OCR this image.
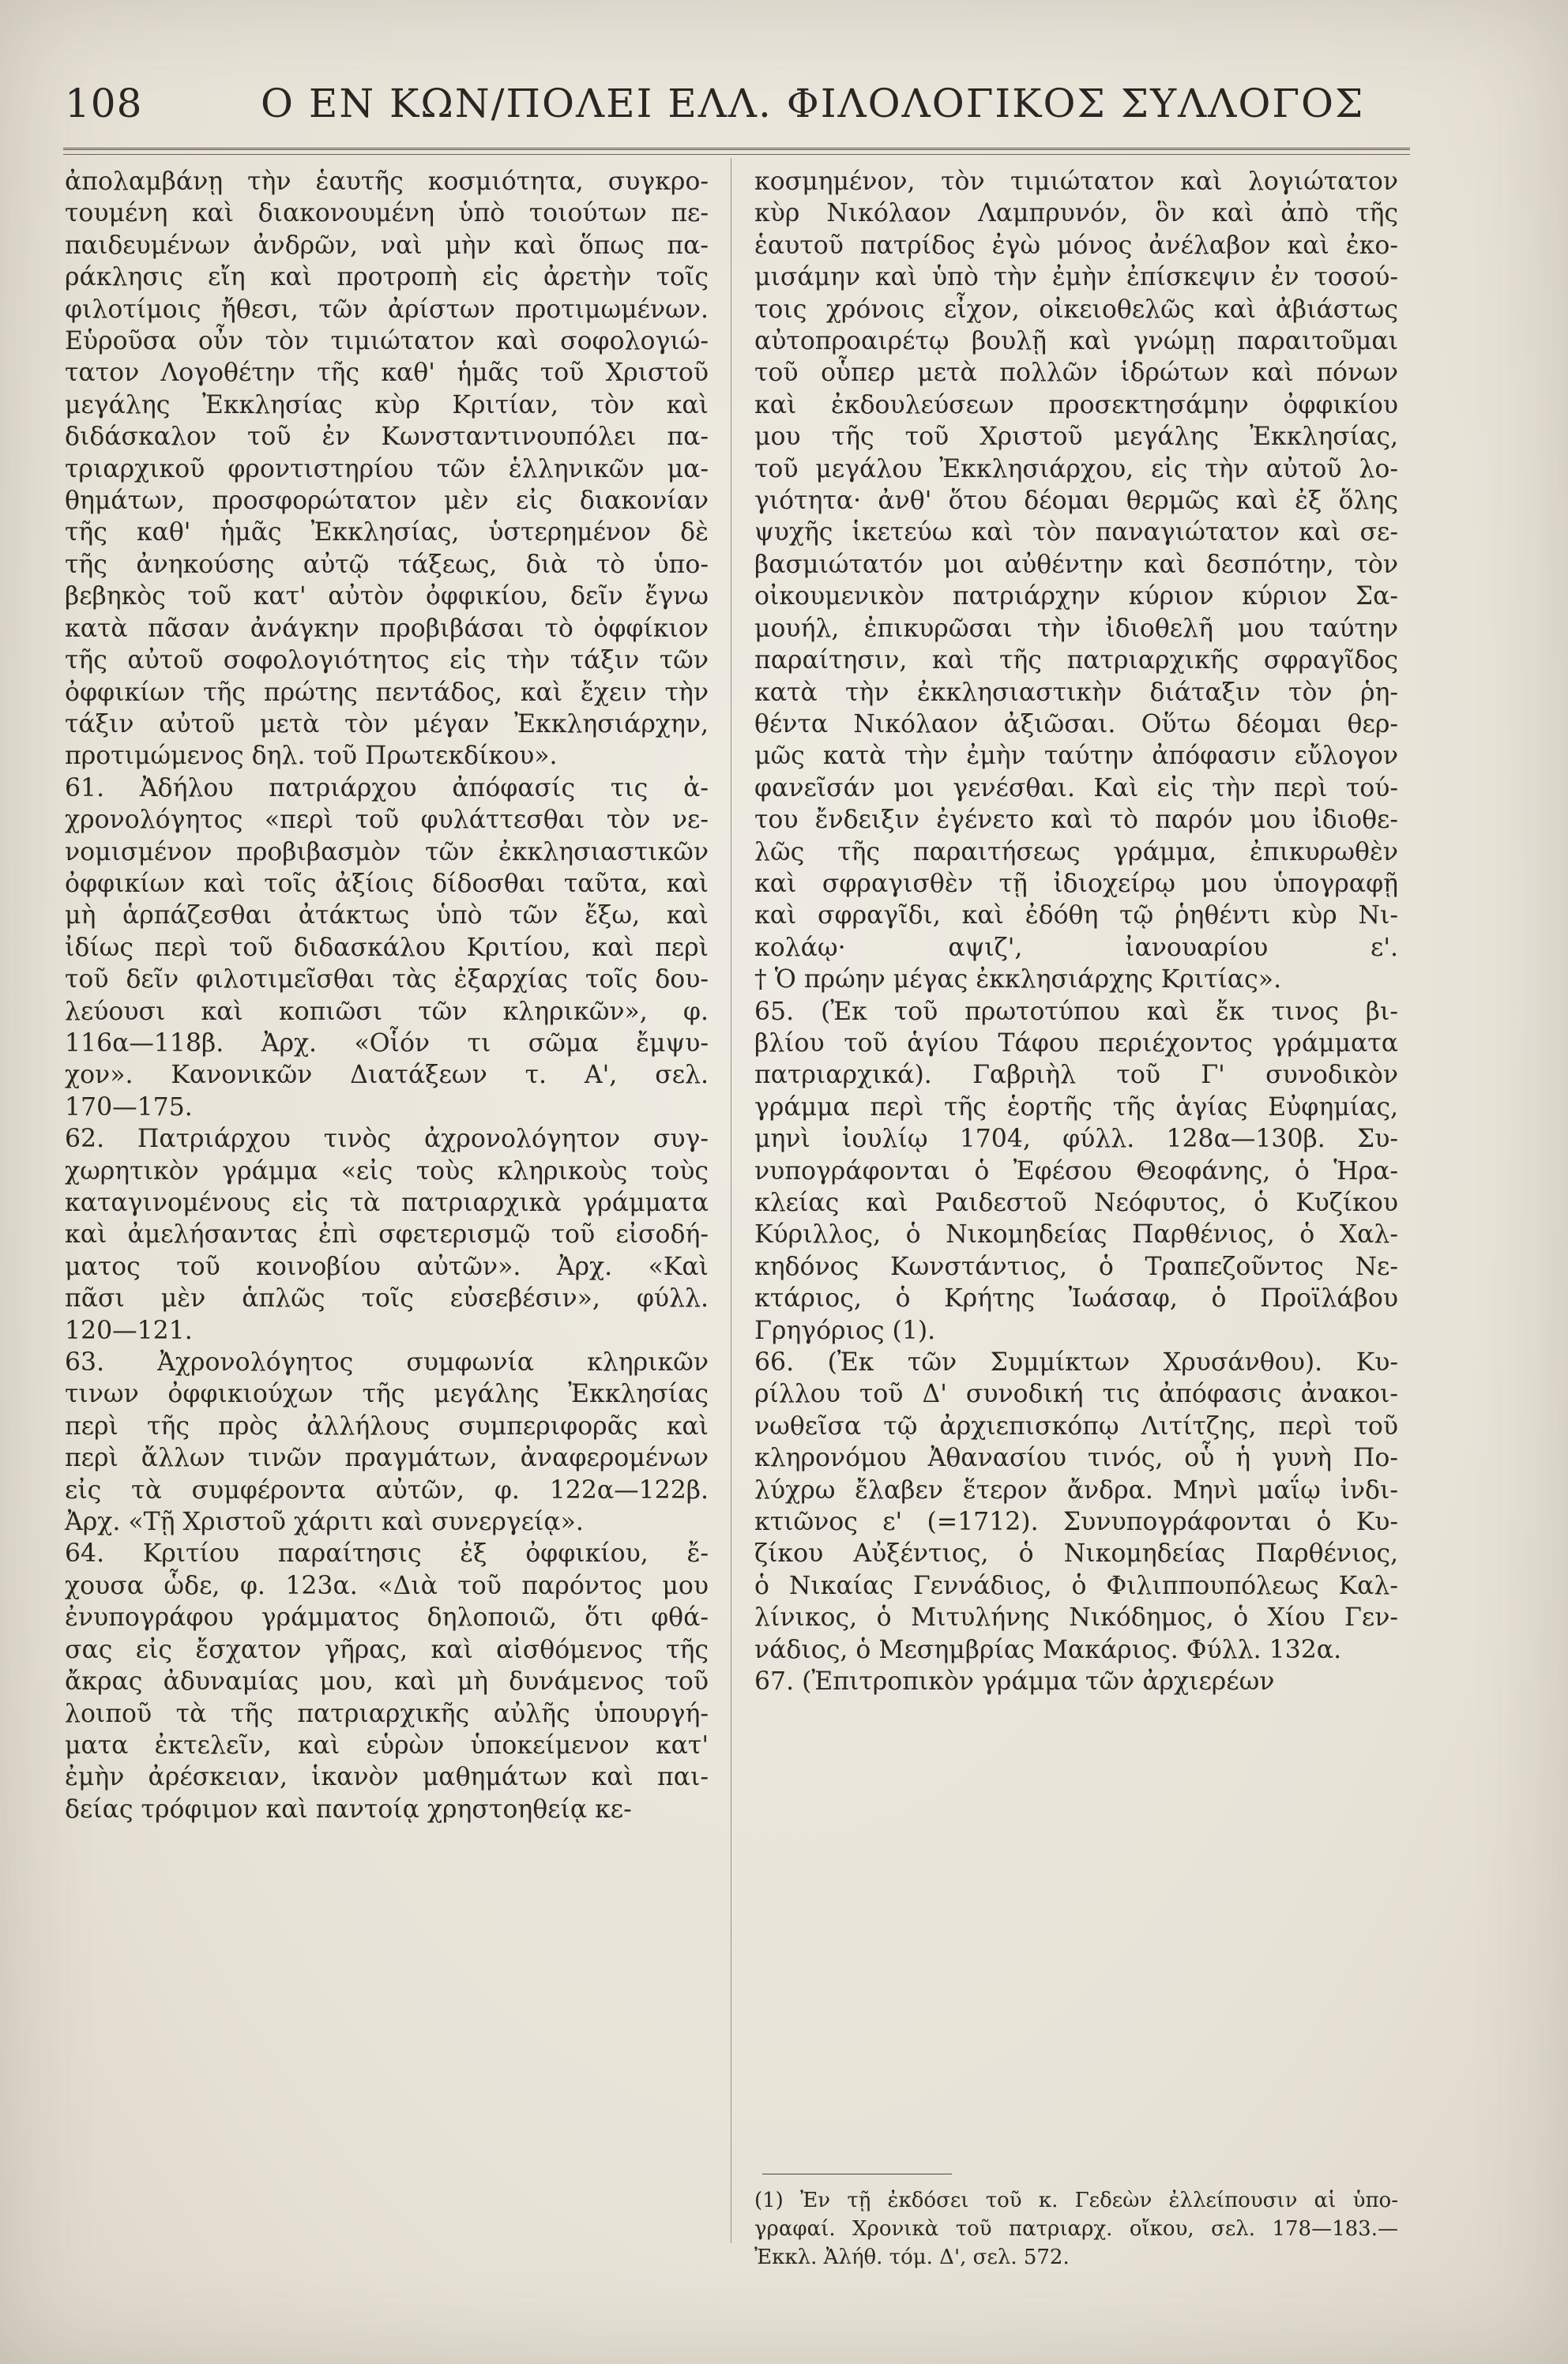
108	Ο ΕΝ ΚΩΝ/ΠΟΛΕΙ ΕΛΛ. ΦΙΛΟΛΟΓΙΚΟΣ ΣΥΛΛΟΓΟΣ
ἀπολαμβάνῃ τὴν ἑαυτῆς κοσμιότητα, συγκρο-
τουμένη καὶ διακονουμένη ὑπὸ τοιούτων πε-
παιδευμένων ἀνδρῶν, ναὶ μὴν καὶ ὅπως πα-
ράκλησις εἴη καὶ προτροπὴ εἰς ἀρετὴν τοῖς
φιλοτίμοις ἤθεσι, τῶν ἀρίστων προτιμωμένων.
Εὑροῦσα οὖν τὸν τιμιώτατον καὶ σοφολογιώ-
τατον Λογοθέτην τῆς καθ' ἡμᾶς τοῦ Χριστοῦ
μεγάλης Ἐκκλησίας κὺρ Κριτίαν, τὸν καὶ
διδάσκαλον τοῦ ἐν Κωνσταντινουπόλει πα-
τριαρχικοῦ φροντιστηρίου τῶν ἑλληνικῶν μα-
θημάτων, προσφορώτατον μὲν εἰς διακονίαν
τῆς καθ' ἡμᾶς Ἐκκλησίας, ὑστερημένον δὲ
τῆς ἀνηκούσης αὐτῷ τάξεως, διὰ τὸ ὑπο-
βεβηκὸς τοῦ κατ' αὐτὸν ὀφφικίου, δεῖν ἔγνω
κατὰ πᾶσαν ἀνάγκην προβιβάσαι τὸ ὀφφίκιον
τῆς αὐτοῦ σοφολογιότητος εἰς τὴν τάξιν τῶν
ὀφφικίων τῆς πρώτης πεντάδος, καὶ ἔχειν τὴν
τάξιν αὐτοῦ μετὰ τὸν μέγαν Ἐκκλησιάρχην,
προτιμώμενος δηλ. τοῦ Πρωτεκδίκου».
61. Ἀδήλου πατριάρχου ἀπόφασίς τις ἀ-
χρονολόγητος «περὶ τοῦ φυλάττεσθαι τὸν νε-
νομισμένον προβιβασμὸν τῶν ἐκκλησιαστικῶν
ὀφφικίων καὶ τοῖς ἀξίοις δίδοσθαι ταῦτα, καὶ
μὴ ἁρπάζεσθαι ἀτάκτως ὑπὸ τῶν ἔξω, καὶ
ἰδίως περὶ τοῦ διδασκάλου Κριτίου, καὶ περὶ
τοῦ δεῖν φιλοτιμεῖσθαι τὰς ἐξαρχίας τοῖς δου-
λεύουσι καὶ κοπιῶσι τῶν κληρικῶν», φ.
116α—118β. Ἀρχ. «Οἷόν τι σῶμα ἔμψυ-
χον». Κανονικῶν Διατάξεων τ. Α', σελ.
170—175.
62. Πατριάρχου τινὸς ἀχρονολόγητον συγ-
χωρητικὸν γράμμα «εἰς τοὺς κληρικοὺς τοὺς
καταγινομένους εἰς τὰ πατριαρχικὰ γράμματα
καὶ ἀμελήσαντας ἐπὶ σφετερισμῷ τοῦ εἰσοδή-
ματος τοῦ κοινοβίου αὐτῶν». Ἀρχ. «Καὶ
πᾶσι μὲν ἁπλῶς τοῖς εὐσεβέσιν», φύλλ.
120—121.
63. Ἀχρονολόγητος συμφωνία κληρικῶν
τινων ὀφφικιούχων τῆς μεγάλης Ἐκκλησίας
περὶ τῆς πρὸς ἀλλήλους συμπεριφορᾶς καὶ
περὶ ἄλλων τινῶν πραγμάτων, ἀναφερομένων
εἰς τὰ συμφέροντα αὐτῶν, φ. 122α—122β.
Ἀρχ. «Τῇ Χριστοῦ χάριτι καὶ συνεργείᾳ».
64. Κριτίου παραίτησις ἐξ ὀφφικίου, ἔ-
χουσα ὧδε, φ. 123α. «Διὰ τοῦ παρόντος μου
ἐνυπογράφου γράμματος δηλοποιῶ, ὅτι φθά-
σας εἰς ἔσχατον γῆρας, καὶ αἰσθόμενος τῆς
ἄκρας ἀδυναμίας μου, καὶ μὴ δυνάμενος τοῦ
λοιποῦ τὰ τῆς πατριαρχικῆς αὐλῆς ὑπουργή-
ματα ἐκτελεῖν, καὶ εὑρὼν ὑποκείμενον κατ'
ἐμὴν ἀρέσκειαν, ἱκανὸν μαθημάτων καὶ παι-
δείας τρόφιμον καὶ παντοίᾳ χρηστοηθείᾳ κε-
κοσμημένον, τὸν τιμιώτατον καὶ λογιώτατον
κὺρ Νικόλαον Λαμπρυνόν, ὃν καὶ ἀπὸ τῆς
ἑαυτοῦ πατρίδος ἐγὼ μόνος ἀνέλαβον καὶ ἐκο-
μισάμην καὶ ὑπὸ τὴν ἐμὴν ἐπίσκεψιν ἐν τοσού-
τοις χρόνοις εἶχον, οἰκειοθελῶς καὶ ἀβιάστως
αὐτοπροαιρέτῳ βουλῇ καὶ γνώμῃ παραιτοῦμαι
τοῦ οὗπερ μετὰ πολλῶν ἱδρώτων καὶ πόνων
καὶ ἐκδουλεύσεων προσεκτησάμην ὀφφικίου
μου τῆς τοῦ Χριστοῦ μεγάλης Ἐκκλησίας,
τοῦ μεγάλου Ἐκκλησιάρχου, εἰς τὴν αὐτοῦ λο-
γιότητα· ἀνθ' ὅτου δέομαι θερμῶς καὶ ἐξ ὅλης
ψυχῆς ἱκετεύω καὶ τὸν παναγιώτατον καὶ σε-
βασμιώτατόν μοι αὐθέντην καὶ δεσπότην, τὸν
οἰκουμενικὸν πατριάρχην κύριον κύριον Σα-
μουήλ, ἐπικυρῶσαι τὴν ἰδιοθελῆ μου ταύτην
παραίτησιν, καὶ τῆς πατριαρχικῆς σφραγῖδος
κατὰ τὴν ἐκκλησιαστικὴν διάταξιν τὸν ῥη-
θέντα Νικόλαον ἀξιῶσαι. Οὕτω δέομαι θερ-
μῶς κατὰ τὴν ἐμὴν ταύτην ἀπόφασιν εὔλογον
φανεῖσάν μοι γενέσθαι. Καὶ εἰς τὴν περὶ τού-
του ἔνδειξιν ἐγένετο καὶ τὸ παρόν μου ἰδιοθε-
λῶς τῆς παραιτήσεως γράμμα, ἐπικυρωθὲν
καὶ σφραγισθὲν τῇ ἰδιοχείρῳ μου ὑπογραφῇ
καὶ σφραγῖδι, καὶ ἐδόθη τῷ ῥηθέντι κὺρ Νι-
κολάῳ· αψιζ', ἰανουαρίου ε'.
† Ὁ πρώην μέγας ἐκκλησιάρχης Κριτίας».
65. (Ἐκ τοῦ πρωτοτύπου καὶ ἔκ τινος βι-
βλίου τοῦ ἁγίου Τάφου περιέχοντος γράμματα
πατριαρχικά). Γαβριὴλ τοῦ Γ' συνοδικὸν
γράμμα περὶ τῆς ἑορτῆς τῆς ἁγίας Εὐφημίας,
μηνὶ ἰουλίῳ 1704, φύλλ. 128α—130β. Συ-
νυπογράφονται ὁ Ἐφέσου Θεοφάνης, ὁ Ἡρα-
κλείας καὶ Ραιδεστοῦ Νεόφυτος, ὁ Κυζίκου
Κύριλλος, ὁ Νικομηδείας Παρθένιος, ὁ Χαλ-
κηδόνος Κωνστάντιος, ὁ Τραπεζοῦντος Νε-
κτάριος, ὁ Κρήτης Ἰωάσαφ, ὁ Προϊλάβου
Γρηγόριος (1).
66. (Ἐκ τῶν Συμμίκτων Χρυσάνθου). Κυ-
ρίλλου τοῦ Δ' συνοδική τις ἀπόφασις ἀνακοι-
νωθεῖσα τῷ ἀρχιεπισκόπῳ Λιτίτζης, περὶ τοῦ
κληρονόμου Ἀθανασίου τινός, οὗ ἡ γυνὴ Πο-
λύχρω ἔλαβεν ἕτερον ἄνδρα. Μηνὶ μαΐῳ ἰνδι-
κτιῶνος ε' (=1712). Συνυπογράφονται ὁ Κυ-
ζίκου Αὐξέντιος, ὁ Νικομηδείας Παρθένιος,
ὁ Νικαίας Γεννάδιος, ὁ Φιλιππουπόλεως Καλ-
λίνικος, ὁ Μιτυλήνης Νικόδημος, ὁ Χίου Γεν-
νάδιος, ὁ Μεσημβρίας Μακάριος. Φύλλ. 132α.
67. (Ἐπιτροπικὸν γράμμα τῶν ἀρχιερέων
(1) Ἐν τῇ ἐκδόσει τοῦ κ. Γεδεὼν ἐλλείπουσιν αἱ ὑπο-
γραφαί. Χρονικὰ τοῦ πατριαρχ. οἴκου, σελ. 178—183.—
Ἐκκλ. Ἀλήθ. τόμ. Δ', σελ. 572.
